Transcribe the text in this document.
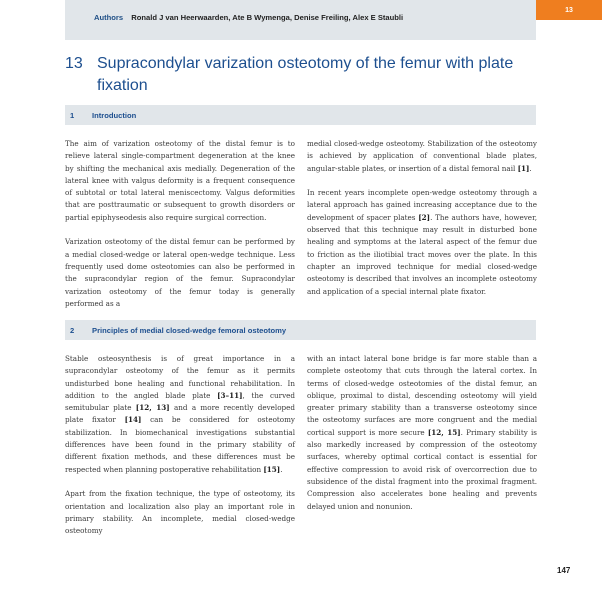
13
Authors Ronald J van Heerwaarden, Ate B Wymenga, Denise Freiling, Alex E Staubli
13 Supracondylar varization osteotomy of the femur with plate fixation
1 Introduction

The aim of varization osteotomy of the distal femur is to relieve lateral single-compartment degeneration at the knee by shifting the mechanical axis medially. Degeneration of the lateral knee with valgus deformity is a frequent consequence of subtotal or total lateral meniscectomy. Valgus deformities that are posttraumatic or subsequent to growth disorders or partial epiphyseodesis also require surgical correction.

Varization osteotomy of the distal femur can be performed by a medial closed-wedge or lateral open-wedge technique. Less frequently used dome osteotomies can also be performed in the supracondylar region of the femur. Supracondylar varization osteotomy of the femur today is generally performed as a

medial closed-wedge osteotomy. Stabilization of the osteotomy is achieved by application of conventional blade plates, angular-stable plates, or insertion of a distal femoral nail [1].

In recent years incomplete open-wedge osteotomy through a lateral approach has gained increasing acceptance due to the development of spacer plates [2]. The authors have, however, observed that this technique may result in disturbed bone healing and symptoms at the lateral aspect of the femur due to friction as the iliotibial tract moves over the plate. In this chapter an improved technique for medial closed-wedge osteotomy is described that involves an incomplete osteotomy and application of a special internal plate fixator.

2 Principles of medial closed-wedge femoral osteotomy

Stable osteosynthesis is of great importance in a supracondylar osteotomy of the femur as it permits undisturbed bone healing and functional rehabilitation. In addition to the angled blade plate [3–11], the curved semitubular plate [12, 13] and a more recently developed plate fixator [14] can be considered for osteotomy stabilization. In biomechanical investigations substantial differences have been found in the primary stability of different fixation methods, and these differences must be respected when planning postoperative rehabilitation [15].

Apart from the fixation technique, the type of osteotomy, its orientation and localization also play an important role in primary stability. An incomplete, medial closed-wedge osteotomy

with an intact lateral bone bridge is far more stable than a complete osteotomy that cuts through the lateral cortex. In terms of closed-wedge osteotomies of the distal femur, an oblique, proximal to distal, descending osteotomy will yield greater primary stability than a transverse osteotomy since the osteotomy surfaces are more congruent and the medial cortical support is more secure [12, 15]. Primary stability is also markedly increased by compression of the osteotomy surfaces, whereby optimal cortical contact is essential for effective compression to avoid risk of overcorrection due to subsidence of the distal fragment into the proximal fragment. Compression also accelerates bone healing and prevents delayed union and nonunion.

147
